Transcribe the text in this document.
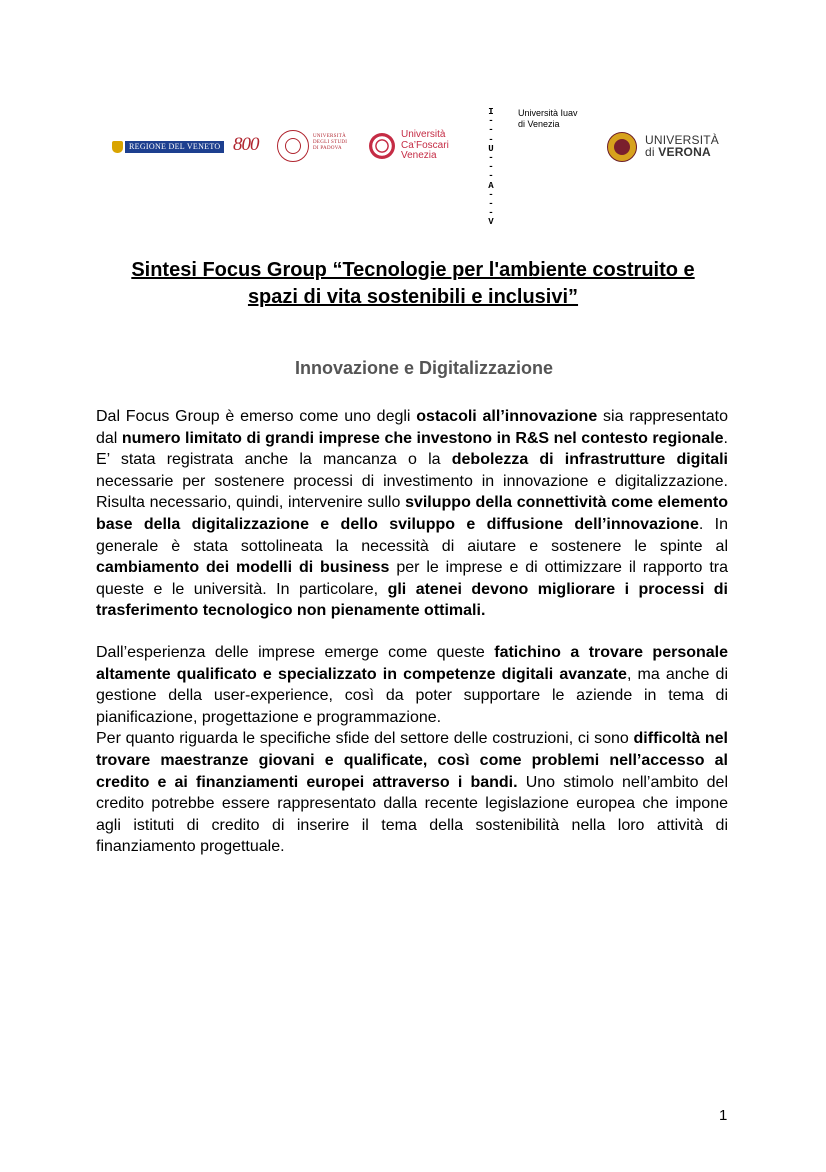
REGIONE DEL VENETO 800	UNIVERSITÀ DEGLI STUDI DI PADOVA
Università
Ca’Foscari
Venezia
I
- - -
U
- - -
A
- - -
V
Università Iuav
di Venezia
UNIVERSITÀ
di VERONA
Sintesi Focus Group “Tecnologie per l'ambiente costruito e
spazi di vita sostenibili e inclusivi”
Innovazione e Digitalizzazione

Dal Focus Group è emerso come uno degli ostacoli all’innovazione sia rappresentato dal numero limitato di grandi imprese che investono in R&S nel contesto regionale. E’ stata registrata anche la mancanza o la debolezza di infrastrutture digitali necessarie per sostenere processi di investimento in innovazione e digitalizzazione. Risulta necessario, quindi, intervenire sullo sviluppo della connettività come elemento base della digitalizzazione e dello sviluppo e diffusione dell’innovazione. In generale è stata sottolineata la necessità di aiutare e sostenere le spinte al cambiamento dei modelli di business per le imprese e di ottimizzare il rapporto tra queste e le università. In particolare, gli atenei devono migliorare i processi di trasferimento tecnologico non pienamente ottimali.

Dall’esperienza delle imprese emerge come queste fatichino a trovare personale altamente qualificato e specializzato in competenze digitali avanzate, ma anche di gestione della user-experience, così da poter supportare le aziende in tema di pianificazione, progettazione e programmazione.

Per quanto riguarda le specifiche sfide del settore delle costruzioni, ci sono difficoltà nel trovare maestranze giovani e qualificate, così come problemi nell’accesso al credito e ai finanziamenti europei attraverso i bandi. Uno stimolo nell’ambito del credito potrebbe essere rappresentato dalla recente legislazione europea che impone agli istituti di credito di inserire il tema della sostenibilità nella loro attività di finanziamento progettuale.

1
